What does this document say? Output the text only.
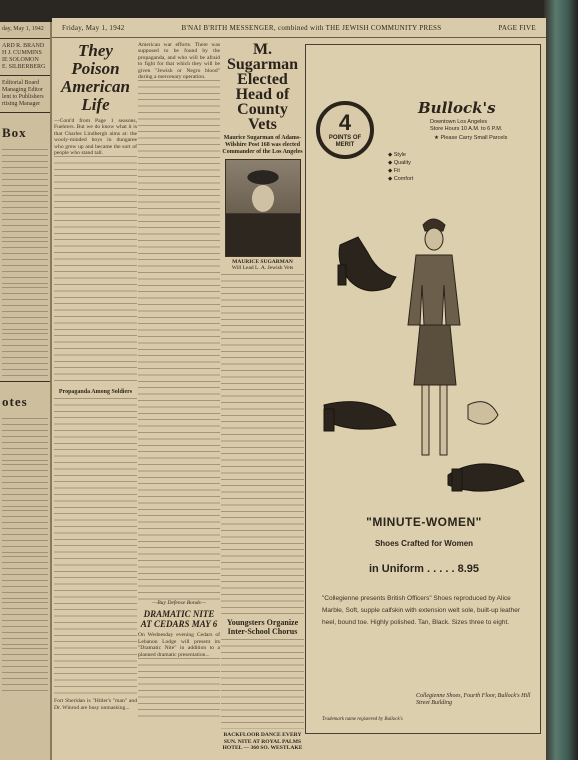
day, May 1, 1942
ARD R. BRAND
H J. CUMMINS
IE SOLOMON
E. SILBERBERG
Editorial Board
Managing Editor
lent to Publishers
rtising Manager
Box
otes
Friday, May 1, 1942	B'NAI B'RITH MESSENGER, combined with THE JEWISH COMMUNITY PRESS	PAGE FIVE
They Poison American Life
—Cont'd from Page 1 seasons, Fuehrers. But we do know what it is that Charles Lindbergh aims at: the wooly-minded boys in dungaree who grew up and became the sort of people who stand tall.
Propaganda Among Soldiers
Fort Sheridan is "Hitler's "man" and Dr. Winrod are busy unmasking...
American war efforts. There was supposed to be found by the propaganda, and who will be afraid to fight for that which they will be given "Jewish or Negro blood" during a mercenary operation.
—Buy Defense Bonds—
DRAMATIC NITE AT CEDARS MAY 6
On Wednesday evening Cedars of Lebanon Lodge will present its "Dramatic Nite" in addition to a planned dramatic presentation...
M. Sugarman Elected Head of County Vets
Maurice Sugarman of Adams-Wilshire Post 168 was elected Commander of the Los Angeles
MAURICE SUGARMAN
Will Lead L. A. Jewish Vets
Youngsters Organize Inter-School Chorus
BACKFLOOR DANCE EVERY SUN. NITE AT ROYAL PALMS HOTEL — 360 SO. WESTLAKE
4
POINTS OF MERIT
Bullock's
Downtown Los Angeles
Store Hours 10 A.M. to 6 P.M.
★ Please Carry Small Parcels
◆ Style
◆ Quality
◆ Fit
◆ Comfort
"MINUTE-WOMEN"
Shoes Crafted for Women
in Uniform . . . . . 8.95
"Collegienne presents British Officers" Shoes reproduced by Alice Marble, Soft, supple calfskin with extension welt sole, built-up leather heel, bound toe. Highly polished. Tan, Black. Sizes three to eight.
Collegienne Shoes, Fourth Floor, Bullock's Hill Street Building
Trademark name registered by Bullock's
